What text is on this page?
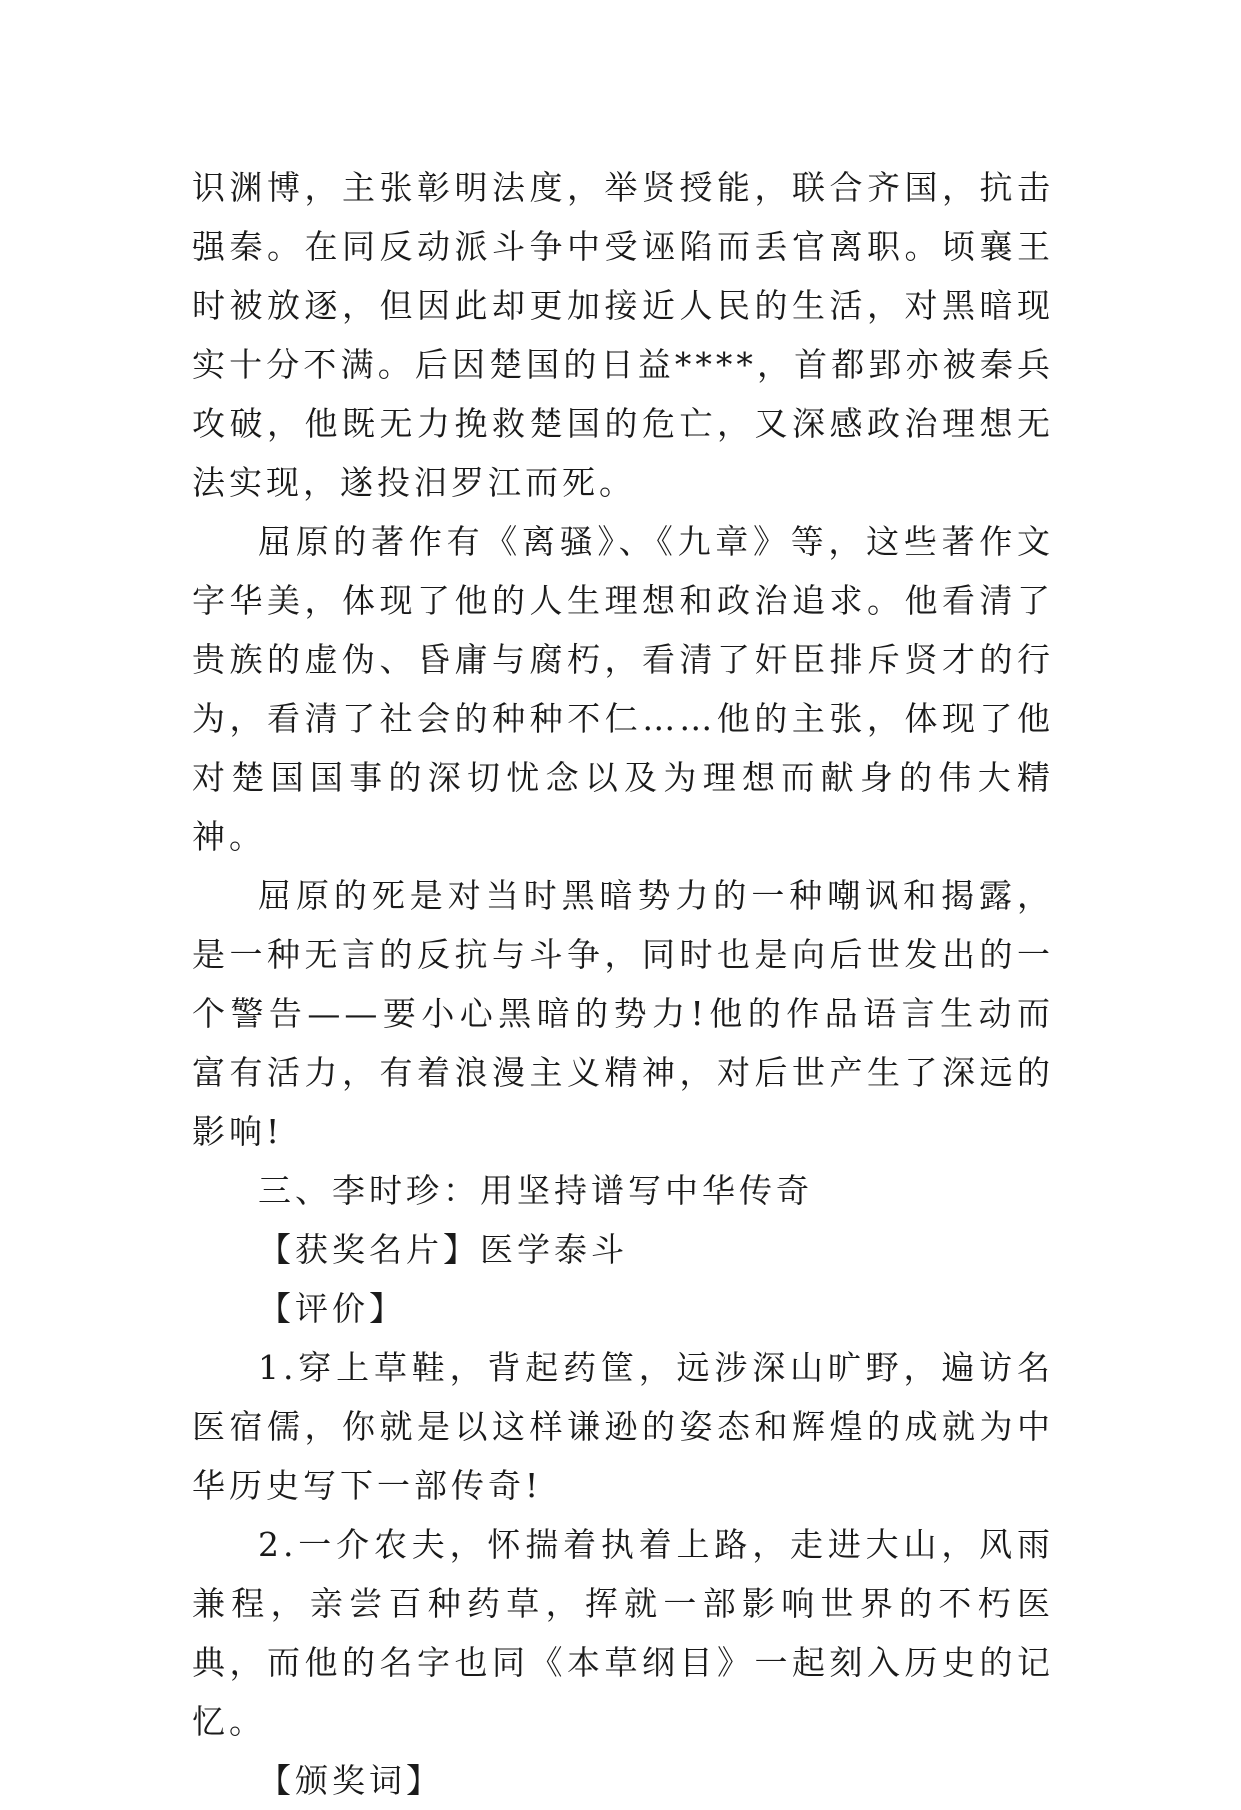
识渊博，主张彰明法度，举贤授能，联合齐国，抗击强秦。在同反动派斗争中受诬陷而丢官离职。顷襄王时被放逐，但因此却更加接近人民的生活，对黑暗现实十分不满。后因楚国的日益****，首都郢亦被秦兵攻破，他既无力挽救楚国的危亡，又深感政治理想无法实现，遂投汨罗江而死。

屈原的著作有《离骚》、《九章》等，这些著作文字华美，体现了他的人生理想和政治追求。他看清了贵族的虚伪、昏庸与腐朽，看清了奸臣排斥贤才的行为，看清了社会的种种不仁……他的主张，体现了他对楚国国事的深切忧念以及为理想而献身的伟大精神。

屈原的死是对当时黑暗势力的一种嘲讽和揭露，是一种无言的反抗与斗争，同时也是向后世发出的一个警告——要小心黑暗的势力!他的作品语言生动而富有活力，有着浪漫主义精神，对后世产生了深远的影响!

三、李时珍：用坚持谱写中华传奇

【获奖名片】医学泰斗

【评价】

1.穿上草鞋，背起药筐，远涉深山旷野，遍访名医宿儒，你就是以这样谦逊的姿态和辉煌的成就为中华历史写下一部传奇!

2.一介农夫，怀揣着执着上路，走进大山，风雨兼程，亲尝百种药草，挥就一部影响世界的不朽医典，而他的名字也同《本草纲目》一起刻入历史的记忆。

【颁奖词】
